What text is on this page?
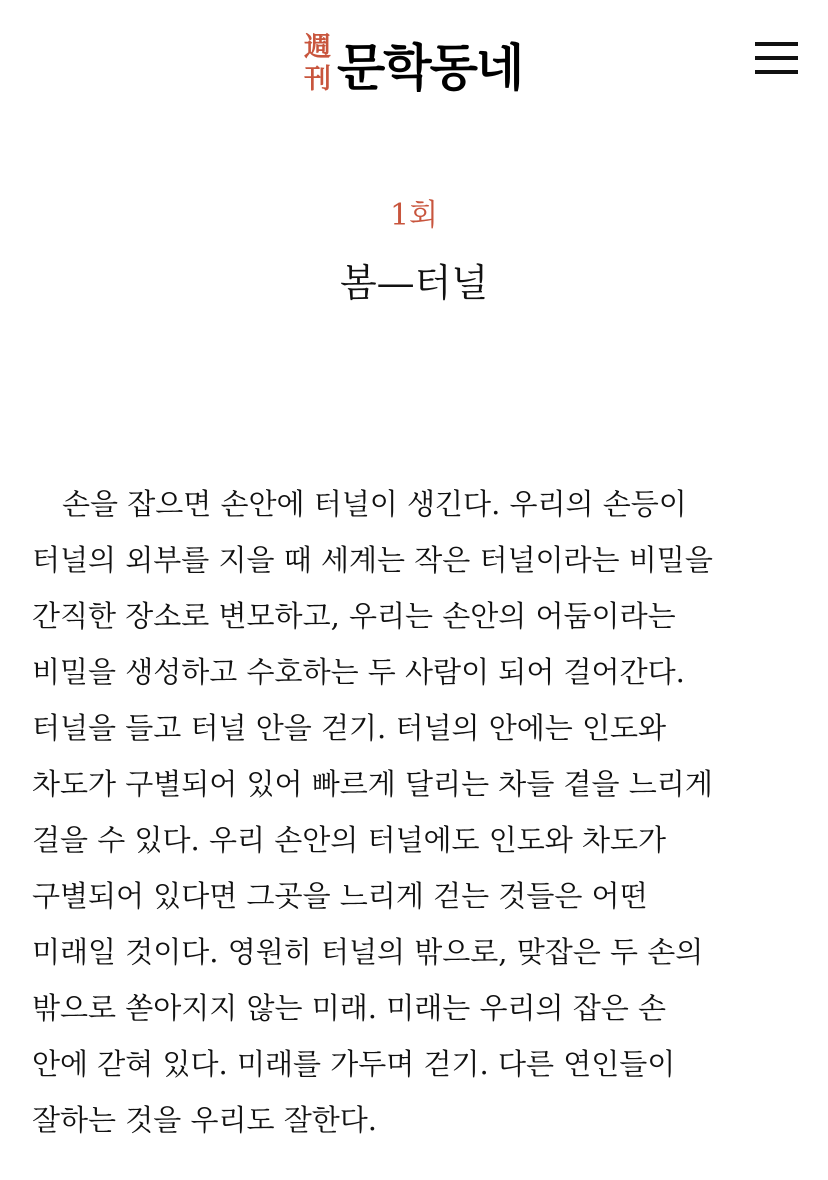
週
刊 문학동네
1회
봄—터널
손을 잡으면 손안에 터널이 생긴다. 우리의 손등이
터널의 외부를 지을 때 세계는 작은 터널이라는 비밀을
간직한 장소로 변모하고, 우리는 손안의 어둠이라는
비밀을 생성하고 수호하는 두 사람이 되어 걸어간다.
터널을 들고 터널 안을 걷기. 터널의 안에는 인도와
차도가 구별되어 있어 빠르게 달리는 차들 곁을 느리게
걸을 수 있다. 우리 손안의 터널에도 인도와 차도가
구별되어 있다면 그곳을 느리게 걷는 것들은 어떤
미래일 것이다. 영원히 터널의 밖으로, 맞잡은 두 손의
밖으로 쏟아지지 않는 미래. 미래는 우리의 잡은 손
안에 갇혀 있다. 미래를 가두며 걷기. 다른 연인들이
잘하는 것을 우리도 잘한다.
